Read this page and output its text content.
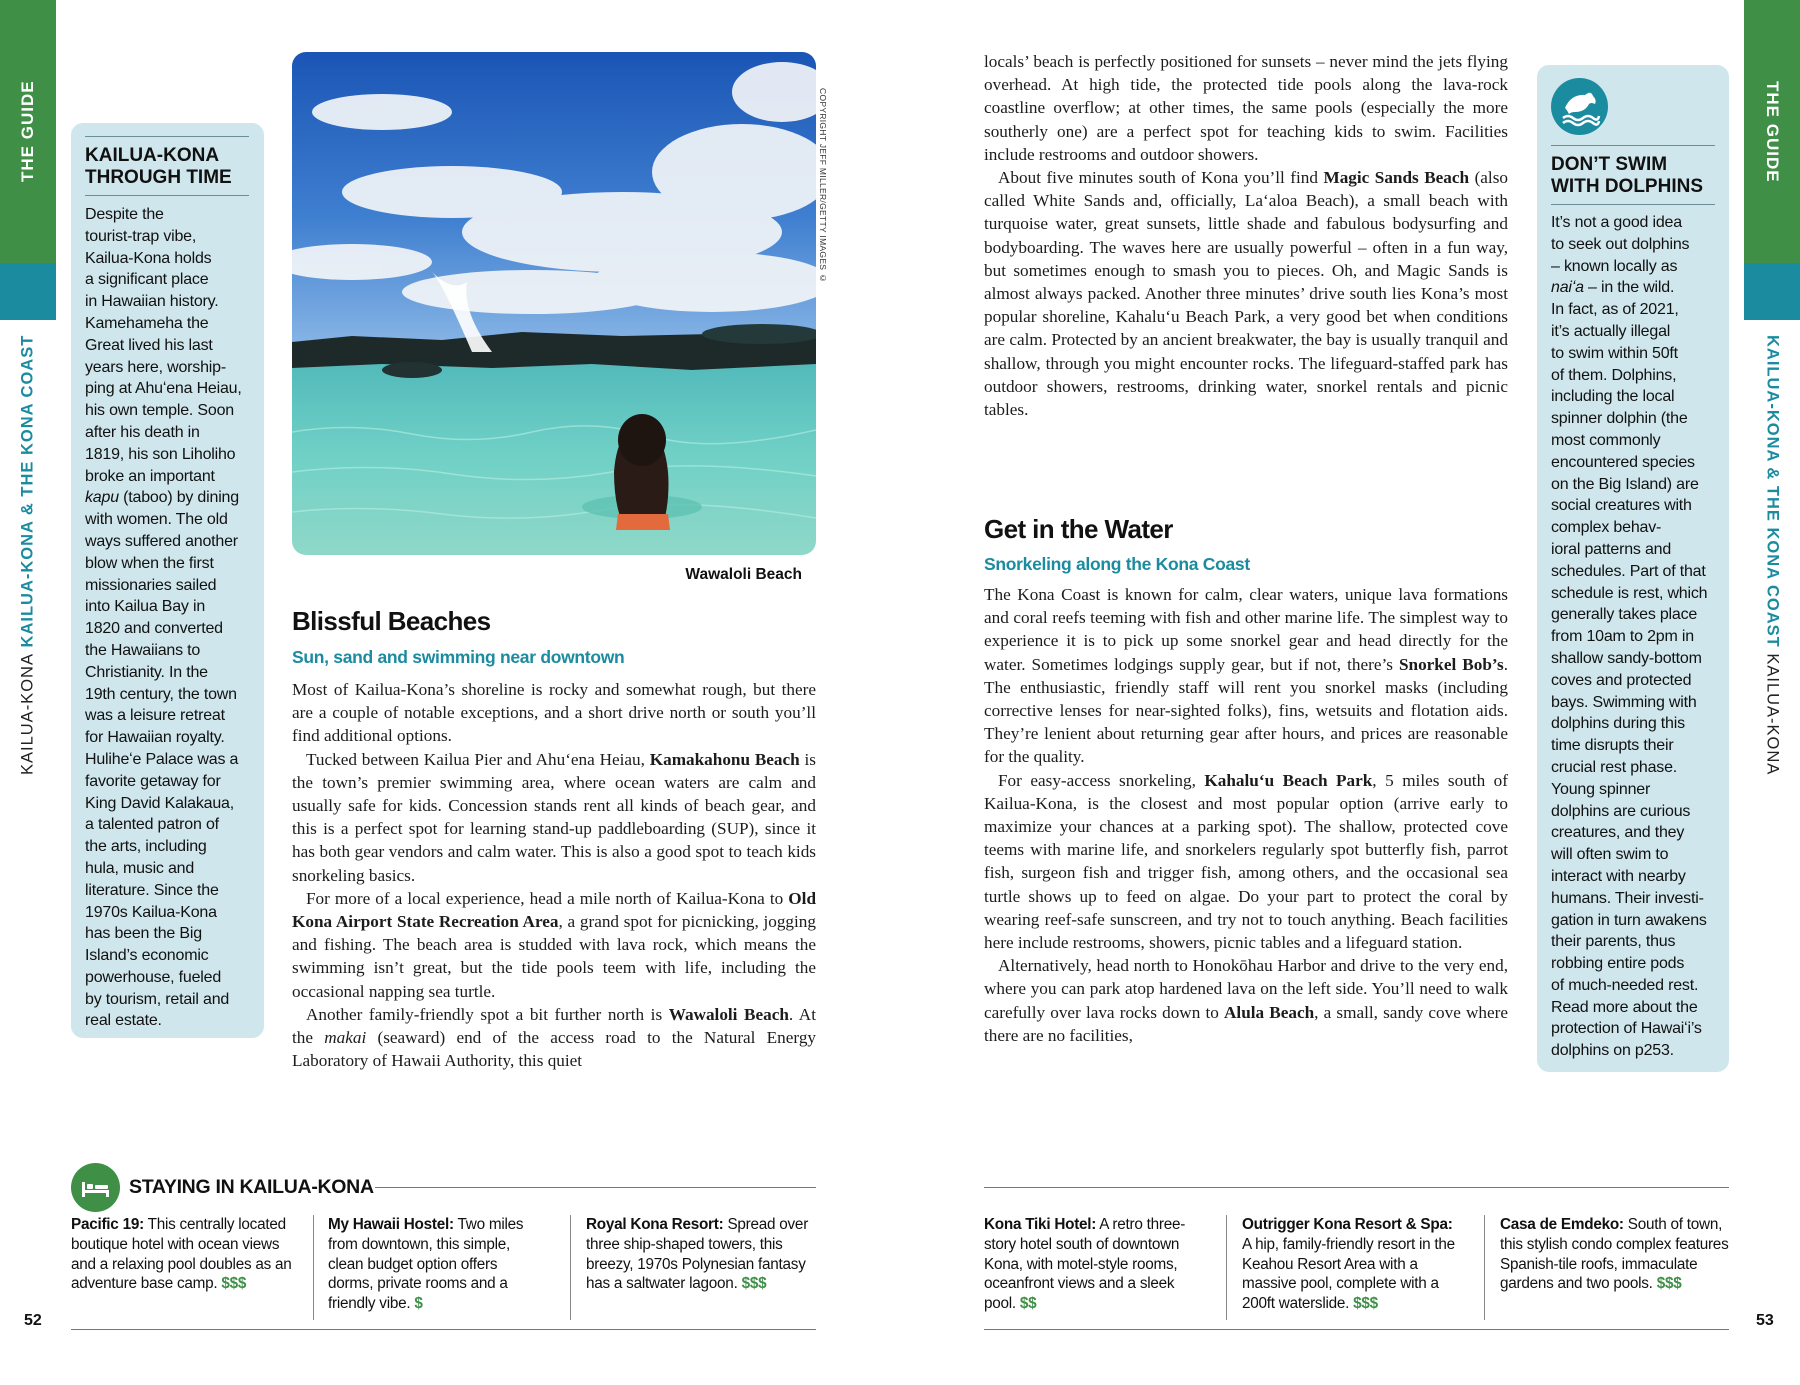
THE GUIDE
KAILUA-KONA KAILUA-KONA & THE KONA COAST
THE GUIDE
KAILUA-KONA & THE KONA COAST KAILUA-KONA
KAILUA-KONA
THROUGH TIME
Despite the
tourist-trap vibe,
Kailua-Kona holds
a significant place
in Hawaiian history.
Kamehameha the
Great lived his last
years here, worship-
ping at Ahuʻena Heiau,
his own temple. Soon
after his death in
1819, his son Liholiho
broke an important
kapu (taboo) by dining
with women. The old
ways suffered another
blow when the first
missionaries sailed
into Kailua Bay in
1820 and converted
the Hawaiians to
Christianity. In the
19th century, the town
was a leisure retreat
for Hawaiian royalty.
Huliheʻe Palace was a
favorite getaway for
King David Kalakaua,
a talented patron of
the arts, including
hula, music and
literature. Since the
1970s Kailua-Kona
has been the Big
Island’s economic
powerhouse, fueled
by tourism, retail and
real estate.
COPYRIGHT JEFF MILLER/GETTY IMAGES ©
Wawaloli Beach
Blissful Beaches
Sun, sand and swimming near downtown

Most of Kailua-Kona’s shoreline is rocky and somewhat rough, but there are a couple of notable exceptions, and a short drive north or south you’ll find additional options.

Tucked between Kailua Pier and Ahuʻena Heiau, Kamakahonu Beach is the town’s premier swimming area, where ocean waters are calm and usually safe for kids. Concession stands rent all kinds of beach gear, and this is a perfect spot for learning stand-up paddleboarding (SUP), since it has both gear vendors and calm water. This is also a good spot to teach kids snorkeling basics.

For more of a local experience, head a mile north of Kailua-Kona to Old Kona Airport State Recreation Area, a grand spot for picnicking, jogging and fishing. The beach area is studded with lava rock, which means the swimming isn’t great, but the tide pools teem with life, including the occasional napping sea turtle.

Another family-friendly spot a bit further north is Wawaloli Beach. At the makai (seaward) end of the access road to the Natural Energy Laboratory of Hawaii Authority, this quiet

locals’ beach is perfectly positioned for sunsets – never mind the jets flying overhead. At high tide, the protected tide pools along the lava-rock coastline overflow; at other times, the same pools (especially the more southerly one) are a perfect spot for teaching kids to swim. Facilities include restrooms and outdoor showers.

About five minutes south of Kona you’ll find Magic Sands Beach (also called White Sands and, officially, Laʻaloa Beach), a small beach with turquoise water, great sunsets, little shade and fabulous bodysurfing and bodyboarding. The waves here are usually powerful – often in a fun way, but sometimes enough to smash you to pieces. Oh, and Magic Sands is almost always packed. Another three minutes’ drive south lies Kona’s most popular shoreline, Kahaluʻu Beach Park, a very good bet when conditions are calm. Protected by an ancient breakwater, the bay is usually tranquil and shallow, through you might encounter rocks. The lifeguard-staffed park has outdoor showers, restrooms, drinking water, snorkel rentals and picnic tables.

Get in the Water
Snorkeling along the Kona Coast

The Kona Coast is known for calm, clear waters, unique lava formations and coral reefs teeming with fish and other marine life. The simplest way to experience it is to pick up some snorkel gear and head directly for the water. Sometimes lodgings supply gear, but if not, there’s Snorkel Bob’s. The enthusiastic, friendly staff will rent you snorkel masks (including corrective lenses for near-sighted folks), fins, wetsuits and flotation aids. They’re lenient about returning gear after hours, and prices are reasonable for the quality.

For easy-access snorkeling, Kahaluʻu Beach Park, 5 miles south of Kailua-Kona, is the closest and most popular option (arrive early to maximize your chances at a parking spot). The shallow, protected cove teems with marine life, and snorkelers regularly spot butterfly fish, parrot fish, surgeon fish and trigger fish, among others, and the occasional sea turtle shows up to feed on algae. Do your part to protect the coral by wearing reef-safe sunscreen, and try not to touch anything. Beach facilities here include restrooms, showers, picnic tables and a lifeguard station.

Alternatively, head north to Honokōhau Harbor and drive to the very end, where you can park atop hardened lava on the left side. You’ll need to walk carefully over lava rocks down to Alula Beach, a small, sandy cove where there are no facilities,

DON’T SWIM
WITH DOLPHINS
It’s not a good idea
to seek out dolphins
– known locally as
naiʻa – in the wild.
In fact, as of 2021,
it’s actually illegal
to swim within 50ft
of them. Dolphins,
including the local
spinner dolphin (the
most commonly
encountered species
on the Big Island) are
social creatures with
complex behav-
ioral patterns and
schedules. Part of that
schedule is rest, which
generally takes place
from 10am to 2pm in
shallow sandy-bottom
coves and protected
bays. Swimming with
dolphins during this
time disrupts their
crucial rest phase.
Young spinner
dolphins are curious
creatures, and they
will often swim to
interact with nearby
humans. Their investi-
gation in turn awakens
their parents, thus
robbing entire pods
of much-needed rest.
Read more about the
protection of Hawaiʻi’s
dolphins on p253.
STAYING IN KAILUA-KONA
Pacific 19: This centrally located boutique hotel with ocean views and a relaxing pool doubles as an adventure base camp. $$$
My Hawaii Hostel: Two miles from downtown, this simple, clean budget option offers dorms, private rooms and a friendly vibe. $
Royal Kona Resort: Spread over three ship-shaped towers, this breezy, 1970s Polynesian fantasy has a saltwater lagoon. $$$
Kona Tiki Hotel: A retro three-story hotel south of downtown Kona, with motel-style rooms, oceanfront views and a sleek pool. $$
Outrigger Kona Resort & Spa: A hip, family-friendly resort in the Keahou Resort Area with a massive pool, complete with a 200ft waterslide. $$$
Casa de Emdeko: South of town, this stylish condo complex features Spanish-tile roofs, immaculate gardens and two pools. $$$
52	53
